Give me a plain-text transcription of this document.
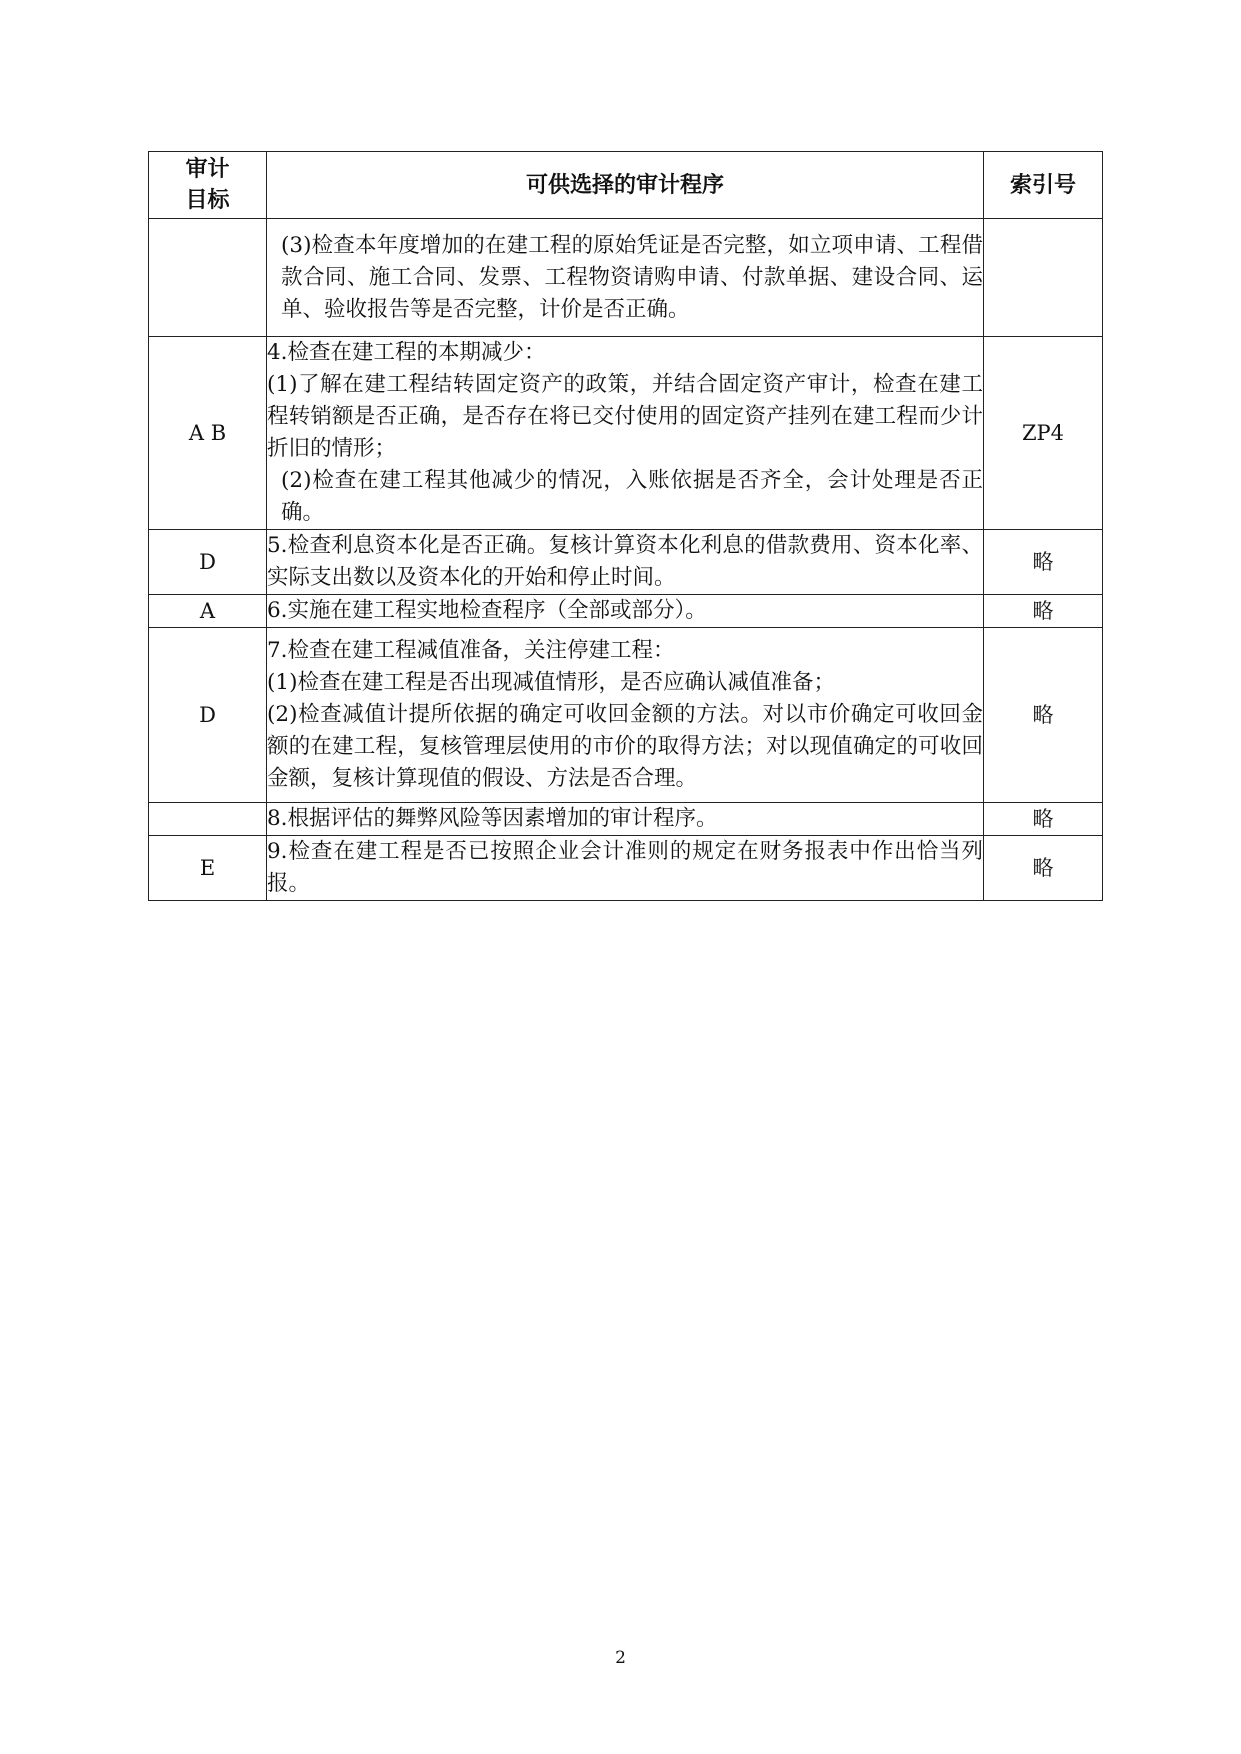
审计
目标	可供选择的审计程序	索引号

	(3)检查本年度增加的在建工程的原始凭证是否完整，如立项申请、工程借款合同、施工合同、发票、工程物资请购申请、付款单据、建设合同、运单、验收报告等是否完整，计价是否正确。	

A B	4.检查在建工程的本期减少：
(1)了解在建工程结转固定资产的政策，并结合固定资产审计，检查在建工程转销额是否正确，是否存在将已交付使用的固定资产挂列在建工程而少计折旧的情形；
(2)检查在建工程其他减少的情况，入账依据是否齐全，会计处理是否正确。	ZP4
D	5.检查利息资本化是否正确。复核计算资本化利息的借款费用、资本化率、实际支出数以及资本化的开始和停止时间。	略
A	6.实施在建工程实地检查程序（全部或部分）。	略
D	7.检查在建工程减值准备，关注停建工程：
(1)检查在建工程是否出现减值情形，是否应确认减值准备；
(2)检查减值计提所依据的确定可收回金额的方法。对以市价确定可收回金额的在建工程，复核管理层使用的市价的取得方法；对以现值确定的可收回金额，复核计算现值的假设、方法是否合理。	略

	8.根据评估的舞弊风险等因素增加的审计程序。	略
E	9.检查在建工程是否已按照企业会计准则的规定在财务报表中作出恰当列报。	略
2
